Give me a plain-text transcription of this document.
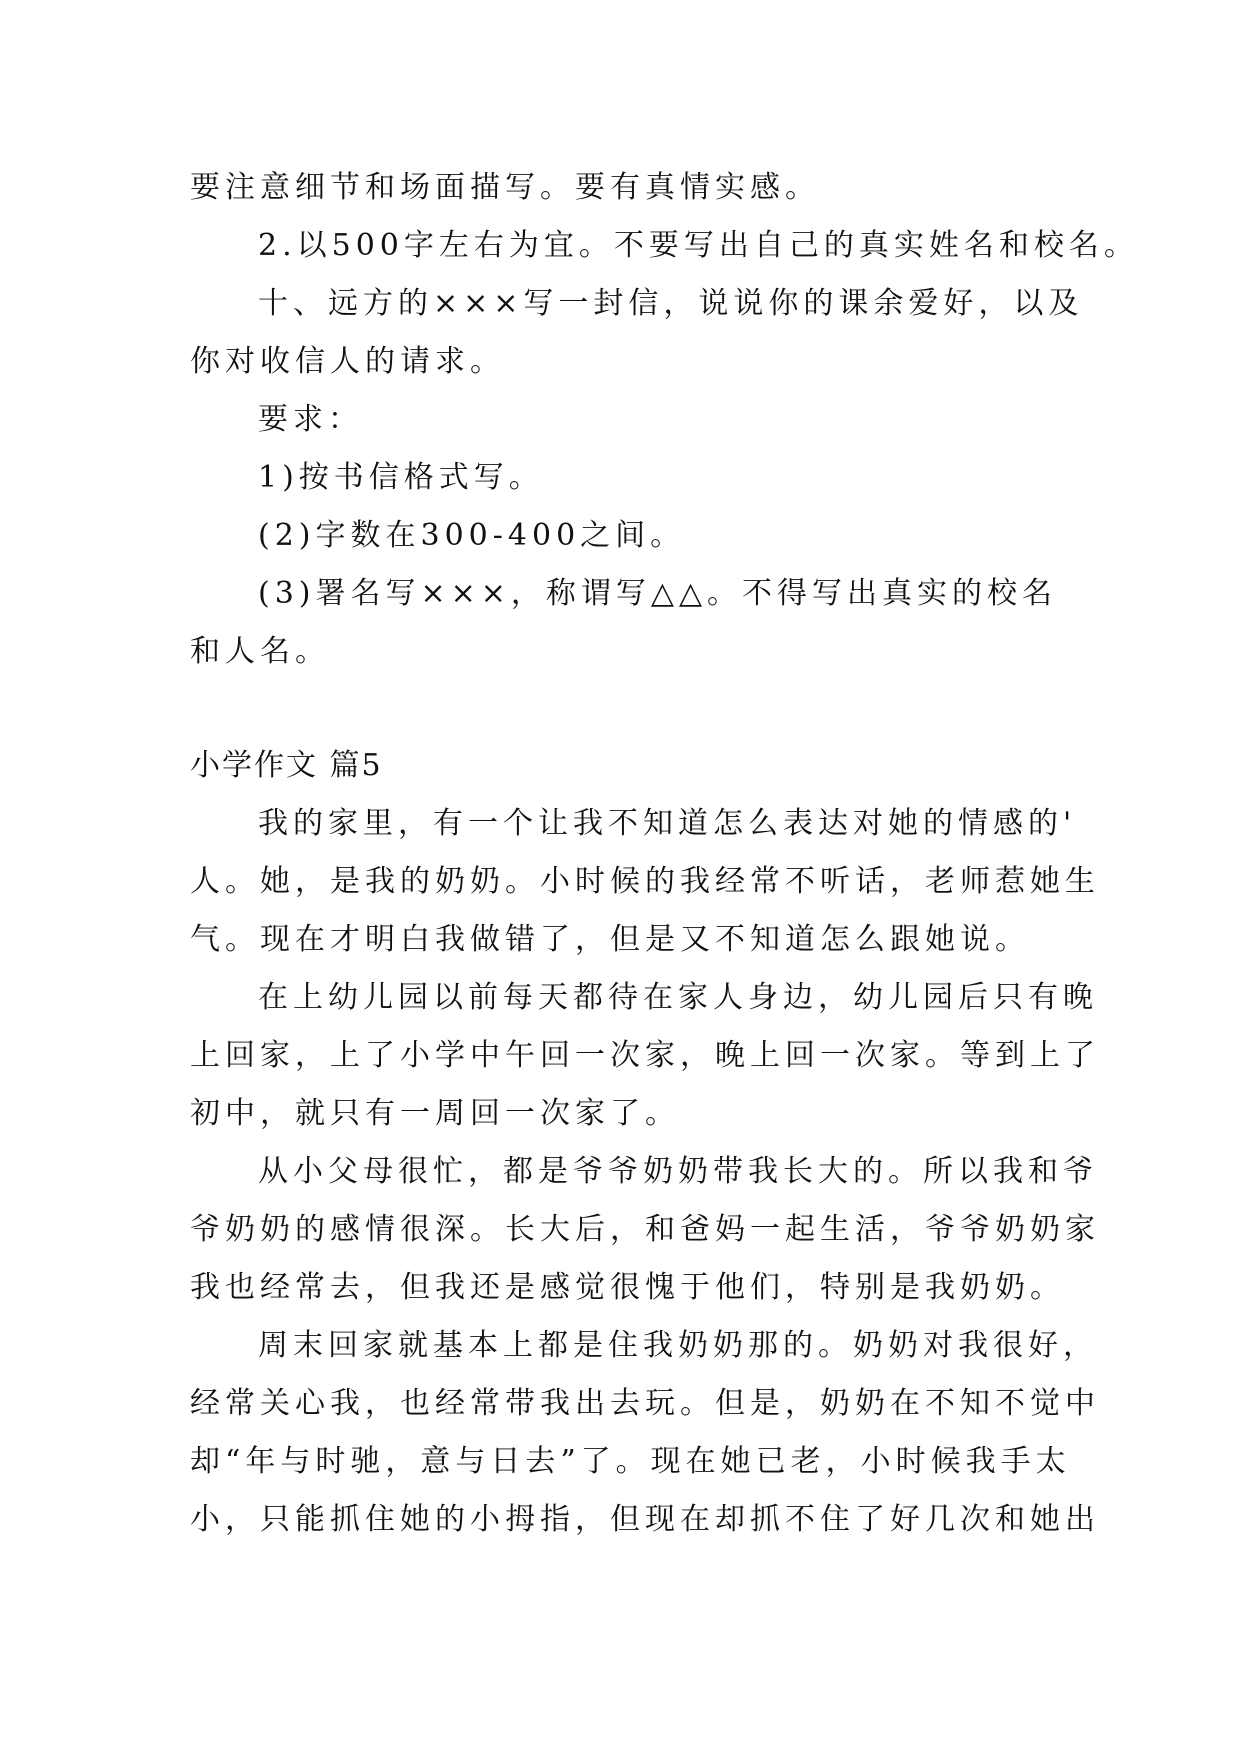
要注意细节和场面描写。要有真情实感。
2.以500字左右为宜。不要写出自己的真实姓名和校名。
十、远方的×××写一封信，说说你的课余爱好，以及
你对收信人的请求。
要求：
1)按书信格式写。
(2)字数在300-400之间。
(3)署名写×××，称谓写△△。不得写出真实的校名
和人名。
小学作文 篇5
我的家里，有一个让我不知道怎么表达对她的情感的'
人。她，是我的奶奶。小时候的我经常不听话，老师惹她生
气。现在才明白我做错了，但是又不知道怎么跟她说。
在上幼儿园以前每天都待在家人身边，幼儿园后只有晚
上回家，上了小学中午回一次家，晚上回一次家。等到上了
初中，就只有一周回一次家了。
从小父母很忙，都是爷爷奶奶带我长大的。所以我和爷
爷奶奶的感情很深。长大后，和爸妈一起生活，爷爷奶奶家
我也经常去，但我还是感觉很愧于他们，特别是我奶奶。
周末回家就基本上都是住我奶奶那的。奶奶对我很好，
经常关心我，也经常带我出去玩。但是，奶奶在不知不觉中
却“年与时驰，意与日去”了。现在她已老，小时候我手太
小，只能抓住她的小拇指，但现在却抓不住了好几次和她出
